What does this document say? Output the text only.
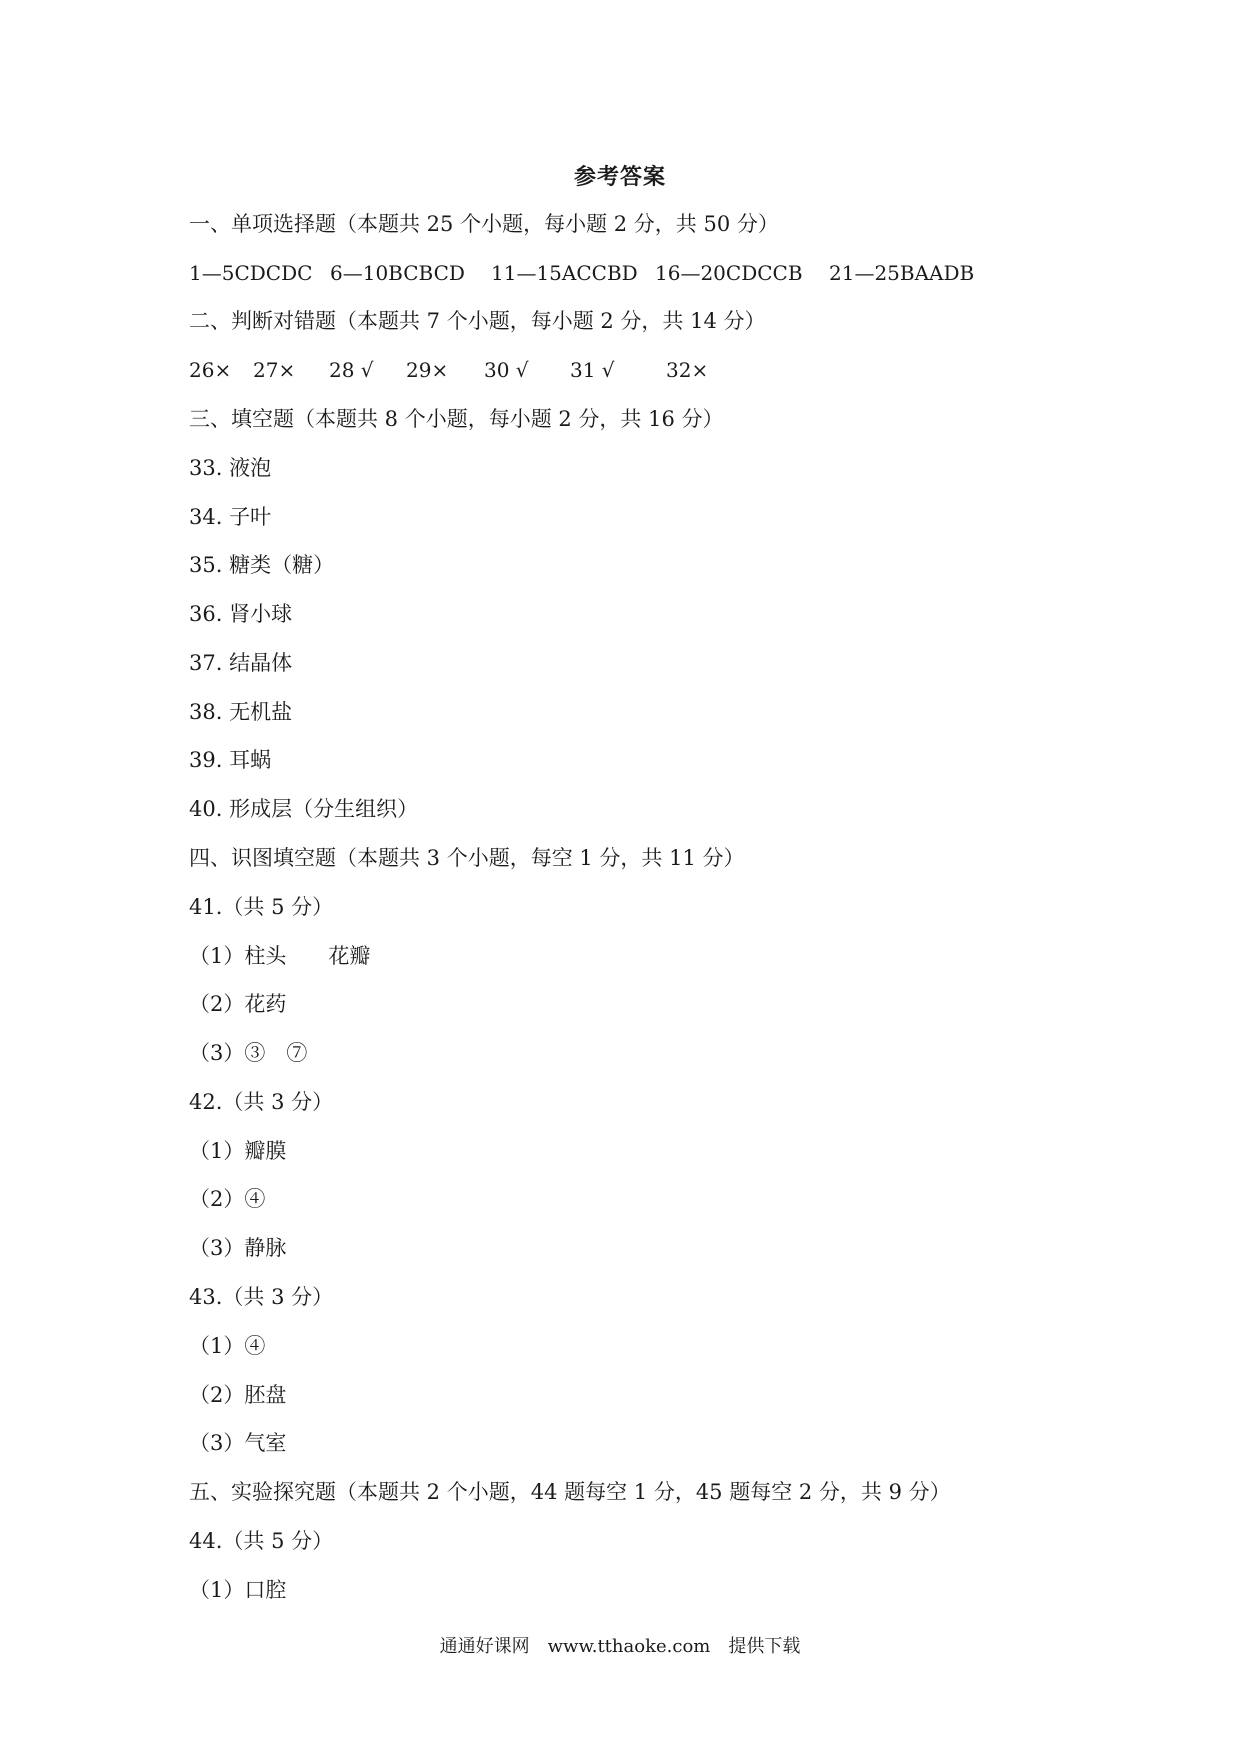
参考答案
一、单项选择题（本题共 25 个小题，每小题 2 分，共 50 分）
1—5CDCDC 6—10BCBCD 11—15ACCBD 16—20CDCCB 21—25BAADB
二、判断对错题（本题共 7 个小题，每小题 2 分，共 14 分）
26× 27× 28 √ 29× 30 √ 31 √	32×
三、填空题（本题共 8 个小题，每小题 2 分，共 16 分）
33. 液泡
34. 子叶
35. 糖类（糖）
36. 肾小球
37. 结晶体
38. 无机盐
39. 耳蜗
40. 形成层（分生组织）
四、识图填空题（本题共 3 个小题，每空 1 分，共 11 分）
41.（共 5 分）
（1）柱头　　花瓣
（2）花药
（3）③　⑦
42.（共 3 分）
（1）瓣膜
（2）④
（3）静脉
43.（共 3 分）
（1）④
（2）胚盘
（3）气室
五、实验探究题（本题共 2 个小题，44 题每空 1 分，45 题每空 2 分，共 9 分）
44.（共 5 分）
（1）口腔
通通好课网　www.tthaoke.com　提供下载
